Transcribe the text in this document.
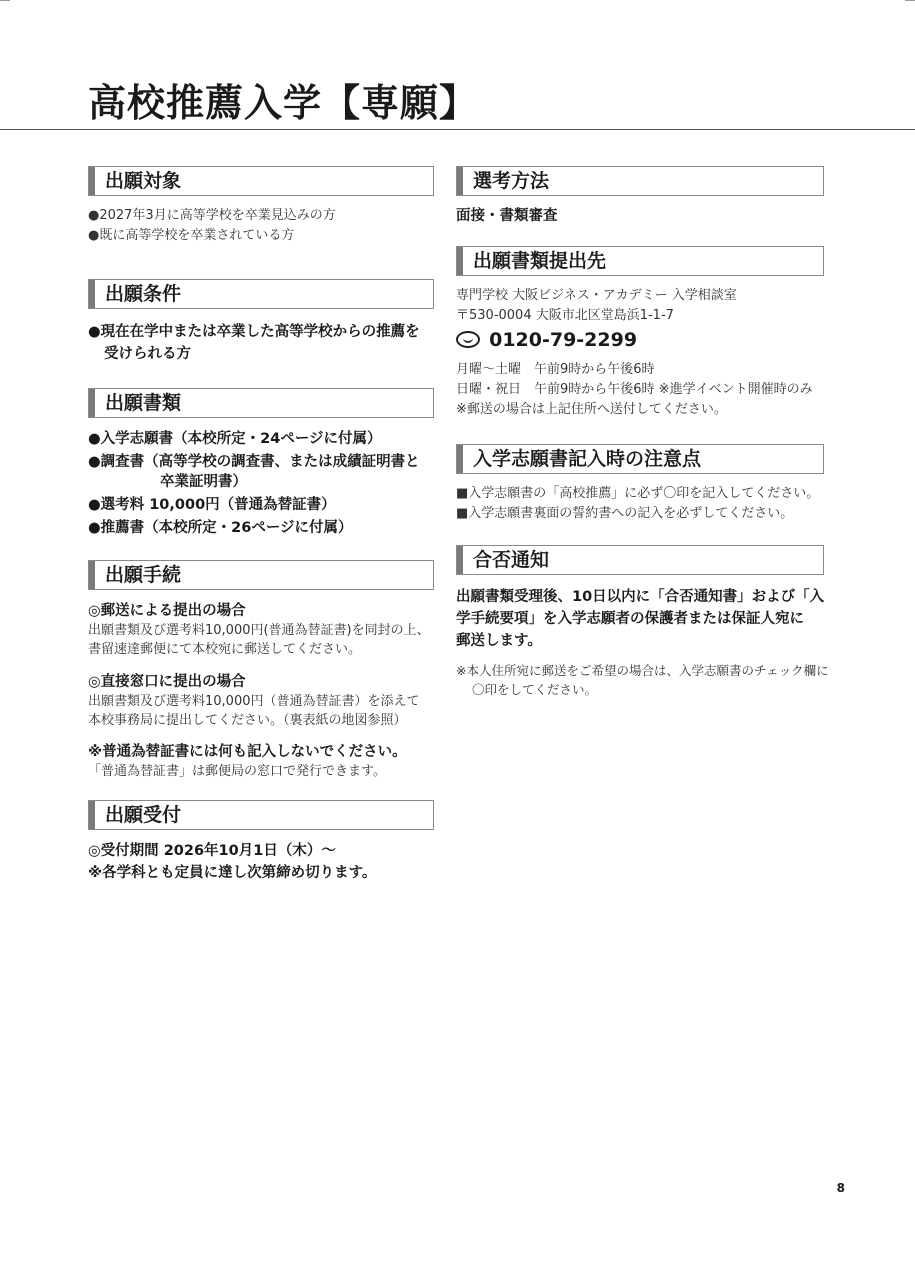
高校推薦入学【専願】
出願対象
●2027年3月に高等学校を卒業見込みの方
●既に高等学校を卒業されている方
出願条件
●現在在学中または卒業した高等学校からの推薦を
受けられる方
出願書類
●入学志願書（本校所定・24ページに付属）
●調査書（高等学校の調査書、または成績証明書と
卒業証明書）
●選考料 10,000円（普通為替証書）
●推薦書（本校所定・26ページに付属）
出願手続
◎郵送による提出の場合
出願書類及び選考料10,000円(普通為替証書)を同封の上、
書留速達郵便にて本校宛に郵送してください。
◎直接窓口に提出の場合
出願書類及び選考料10,000円（普通為替証書）を添えて
本校事務局に提出してください。（裏表紙の地図参照）
※普通為替証書には何も記入しないでください。
「普通為替証書」は郵便局の窓口で発行できます。
出願受付
◎受付期間 2026年10月1日（木）～
※各学科とも定員に達し次第締め切ります。
選考方法
面接・書類審査
出願書類提出先
専門学校 大阪ビジネス・アカデミー 入学相談室
〒530-0004 大阪市北区堂島浜1-1-7
0120-79-2299
月曜～土曜　午前9時から午後6時
日曜・祝日　午前9時から午後6時 ※進学イベント開催時のみ
※郵送の場合は上記住所へ送付してください。
入学志願書記入時の注意点
■入学志願書の「高校推薦」に必ず〇印を記入してください。
■入学志願書裏面の誓約書への記入を必ずしてください。
合否通知
出願書類受理後、10日以内に「合否通知書」および「入
学手続要項」を入学志願者の保護者または保証人宛に
郵送します。
※本人住所宛に郵送をご希望の場合は、入学志願書のチェック欄に
〇印をしてください。
8
